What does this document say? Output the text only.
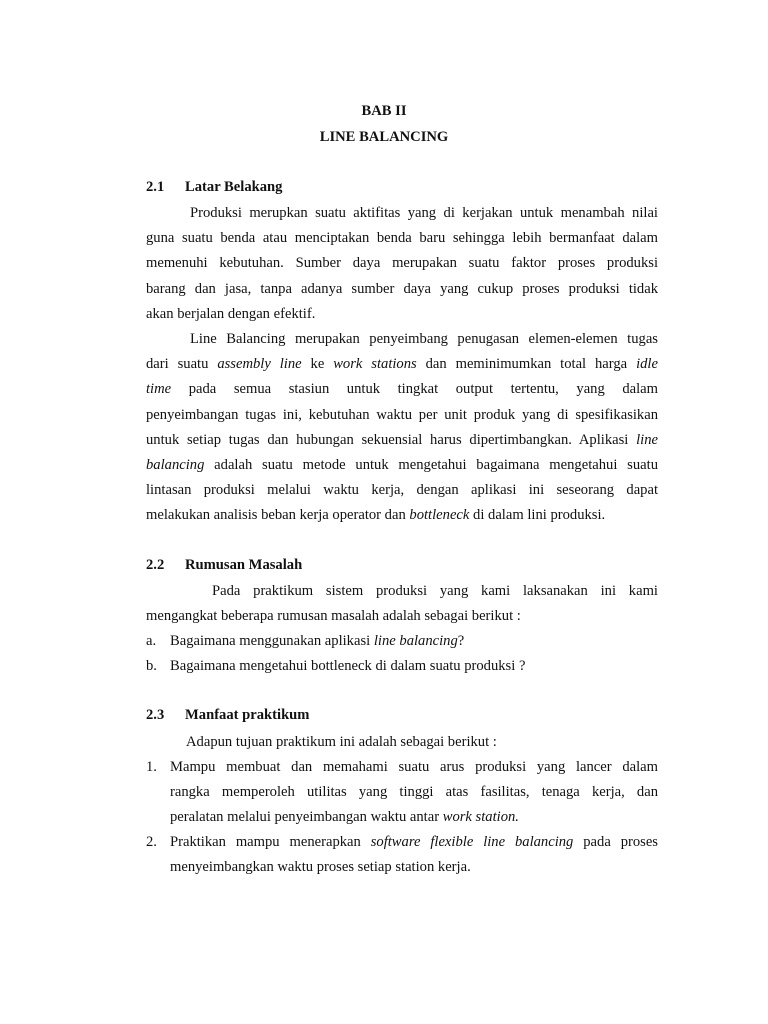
BAB II
LINE BALANCING
2.1 Latar Belakang
Produksi merupkan suatu aktifitas yang di kerjakan untuk menambah nilai
guna suatu benda atau menciptakan benda baru sehingga lebih bermanfaat dalam
memenuhi kebutuhan. Sumber daya merupakan suatu faktor proses produksi
barang dan jasa, tanpa adanya sumber daya yang cukup proses produksi tidak
akan berjalan dengan efektif.
Line Balancing merupakan penyeimbang penugasan elemen-elemen tugas
dari suatu assembly line ke work stations dan meminimumkan total harga idle
time pada semua stasiun untuk tingkat output tertentu, yang dalam
penyeimbangan tugas ini, kebutuhan waktu per unit produk yang di spesifikasikan
untuk setiap tugas dan hubungan sekuensial harus dipertimbangkan. Aplikasi line
balancing adalah suatu metode untuk mengetahui bagaimana mengetahui suatu
lintasan produksi melalui waktu kerja, dengan aplikasi ini seseorang dapat
melakukan analisis beban kerja operator dan bottleneck di dalam lini produksi.
2.2 Rumusan Masalah
Pada praktikum sistem produksi yang kami laksanakan ini kami
mengangkat beberapa rumusan masalah adalah sebagai berikut :
a. Bagaimana menggunakan aplikasi line balancing?
b. Bagaimana mengetahui bottleneck di dalam suatu produksi ?
2.3 Manfaat praktikum
Adapun tujuan praktikum ini adalah sebagai berikut :
1. Mampu membuat dan memahami suatu arus produksi yang lancer dalam
rangka memperoleh utilitas yang tinggi atas fasilitas, tenaga kerja, dan
peralatan melalui penyeimbangan waktu antar work station.
2. Praktikan mampu menerapkan software flexible line balancing pada proses
menyeimbangkan waktu proses setiap station kerja.
